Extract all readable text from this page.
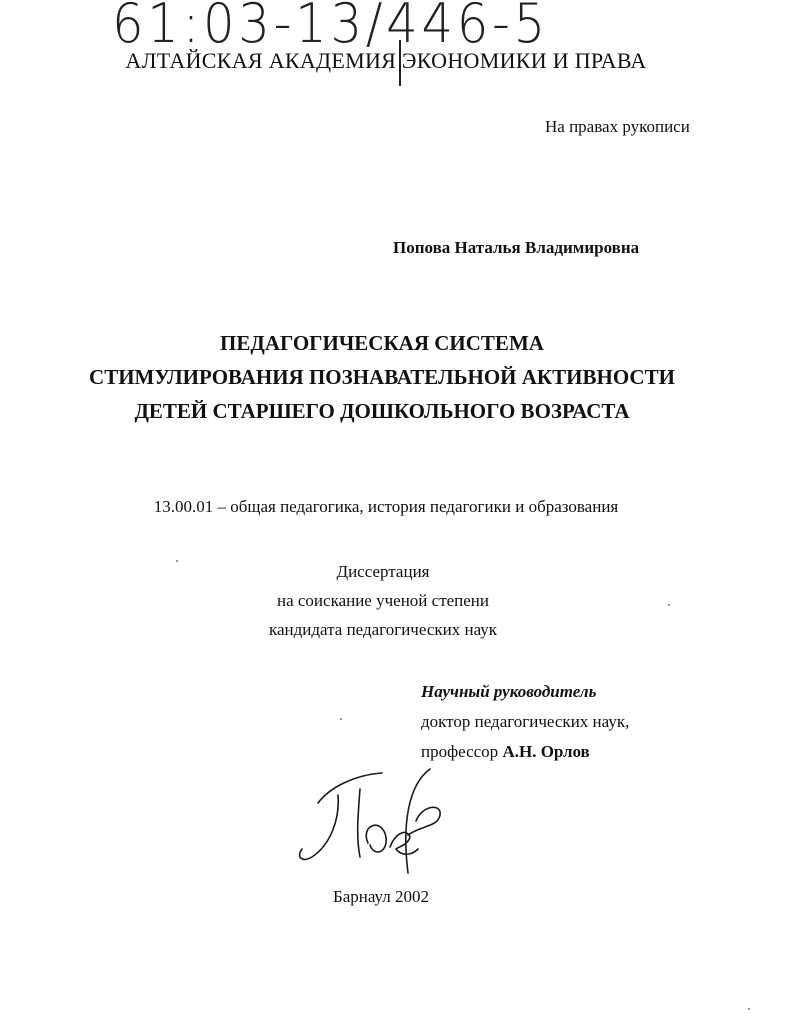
61:03-13/446-5
АЛТАЙСКАЯ АКАДЕМИЯ ЭКОНОМИКИ И ПРАВА
На правах рукописи
Попова Наталья Владимировна
ПЕДАГОГИЧЕСКАЯ СИСТЕМА
СТИМУЛИРОВАНИЯ ПОЗНАВАТЕЛЬНОЙ АКТИВНОСТИ
ДЕТЕЙ СТАРШЕГО ДОШКОЛЬНОГО ВОЗРАСТА
13.00.01 – общая педагогика, история педагогики и образования
Диссертация
на соискание ученой степени
кандидата педагогических наук
Научный руководитель
доктор педагогических наук,
профессор А.Н. Орлов
Барнаул 2002
